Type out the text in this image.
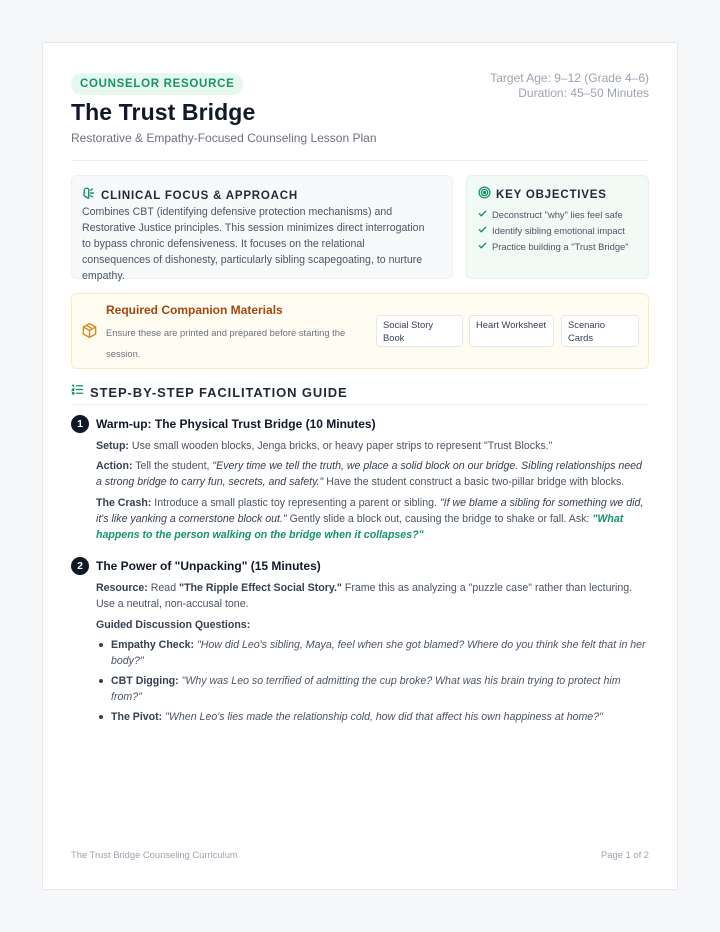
COUNSELOR RESOURCE	Target Age: 9–12 (Grade 4–6)
Duration: 45–50 Minutes
The Trust Bridge
Restorative & Empathy-Focused Counseling Lesson Plan
CLINICAL FOCUS & APPROACH
Combines CBT (identifying defensive protection mechanisms) and Restorative Justice principles. This session minimizes direct interrogation to bypass chronic defensiveness. It focuses on the relational consequences of dishonesty, particularly sibling scapegoating, to nurture empathy.
KEY OBJECTIVES
Deconstruct "why" lies feel safe
Identify sibling emotional impact
Practice building a "Trust Bridge"
Required Companion Materials
Ensure these are printed and prepared before starting the session.
Social Story Book
Heart Worksheet	Scenario Cards
STEP-BY-STEP FACILITATION GUIDE
1	Warm-up: The Physical Trust Bridge (10 Minutes)
Setup: Use small wooden blocks, Jenga bricks, or heavy paper strips to represent "Trust Blocks."
Action: Tell the student, "Every time we tell the truth, we place a solid block on our bridge. Sibling relationships need a strong bridge to carry fun, secrets, and safety." Have the student construct a basic two-pillar bridge with blocks.
The Crash: Introduce a small plastic toy representing a parent or sibling. "If we blame a sibling for something we did, it's like yanking a cornerstone block out." Gently slide a block out, causing the bridge to shake or fall. Ask: "What happens to the person walking on the bridge when it collapses?"
2	The Power of "Unpacking" (15 Minutes)
Resource: Read "The Ripple Effect Social Story." Frame this as analyzing a "puzzle case" rather than lecturing. Use a neutral, non-accusal tone.
Guided Discussion Questions:
Empathy Check: "How did Leo's sibling, Maya, feel when she got blamed? Where do you think she felt that in her body?"
CBT Digging: "Why was Leo so terrified of admitting the cup broke? What was his brain trying to protect him from?"
The Pivot: "When Leo's lies made the relationship cold, how did that affect his own happiness at home?"
The Trust Bridge Counseling Curriculum	Page 1 of 2
